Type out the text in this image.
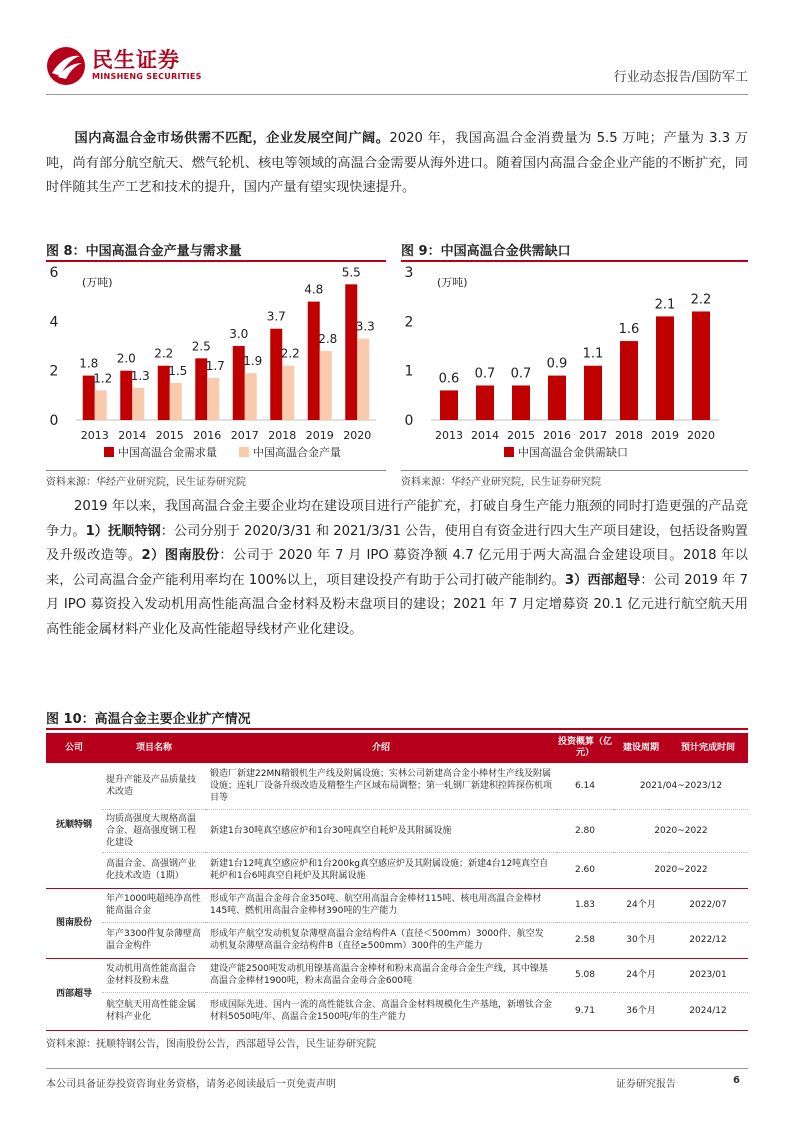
民生证券
MINSHENG SECURITIES	行业动态报告/国防军工
国内高温合金市场供需不匹配，企业发展空间广阔。2020 年，我国高温合金消费量为 5.5 万吨；产量为 3.3 万吨，尚有部分航空航天、燃气轮机、核电等领域的高温合金需要从海外进口。随着国内高温合金企业产能的不断扩充，同时伴随其生产工艺和技术的提升，国内产量有望实现快速提升。
图 8：中国高温合金产量与需求量
0
2
4
6
(万吨)
1.8 2.0 2.2
2.5
3.0
3.7
4.8
5.5
1.2 1.3 1.5 1.7 1.9
2.2
2.8
3.3
2013 2014 2015 2016 2017 2018 2019 2020
中国高温合金需求量	中国高温合金产量
资料来源：华经产业研究院，民生证券研究院
图 9：中国高温合金供需缺口
0
1
2
3
(万吨)
0.6 0.7 0.7
0.9
1.1
1.6
2.1 2.2
2013 2014 2015 2016 2017 2018 2019 2020
中国高温合金供需缺口
资料来源：华经产业研究院，民生证券研究院
2019 年以来，我国高温合金主要企业均在建设项目进行产能扩充，打破自身生产能力瓶颈的同时打造更强的产品竞争力。1）抚顺特钢：公司分别于 2020/3/31 和 2021/3/31 公告，使用自有资金进行四大生产项目建设，包括设备购置及升级改造等。2）图南股份：公司于 2020 年 7 月 IPO 募资净额 4.7 亿元用于两大高温合金建设项目。2018 年以来，公司高温合金产能利用率均在 100%以上，项目建设投产有助于公司打破产能制约。3）西部超导：公司 2019 年 7 月 IPO 募资投入发动机用高性能高温合金材料及粉末盘项目的建设；2021 年 7 月定增募资 20.1 亿元进行航空航天用高性能金属材料产业化及高性能超导线材产业化建设。
图 10：高温合金主要企业扩产情况
公司	项目名称	介绍	投资概算（亿元）	建设周期	预计完成时间
抚顺特钢	提升产能及产品质量技术改造	锻造厂新建22MN精锻机生产线及附属设施；实林公司新建高合金小棒材生产线及附属设施；连轧厂设备升级改造及精整生产区域布局调整；第一轧钢厂新建积控阵探伤机项目等	6.14	2021/04~2023/12	
	均质高强度大规格高温合金、超高强度钢工程化建设	新建1台30吨真空感应炉和1台30吨真空自耗炉及其附属设施	2.80	2020~2022	
	高温合金、高强钢产业化技术改造（1期）	新建1台12吨真空感应炉和1台200kg真空感应炉及其附属设施；新建4台12吨真空自耗炉和1台6吨真空自耗炉及其附属设施	2.60	2020~2022	
图南股份	年产1000吨超纯净高性能高温合金	形成年产高温合金母合金350吨、航空用高温合金棒材115吨、核电用高温合金棒材145吨、燃机用高温合金棒材390吨的生产能力	1.83	24个月	2022/07
	年产3300件复杂薄壁高温合金构件	形成年产航空发动机复杂薄壁高温合金结构件A（直径＜500mm）3000件、航空发动机复杂薄壁高温合金结构件B（直径≥500mm）300件的生产能力	2.58	30个月	2022/12
西部超导	发动机用高性能高温合金材料及粉末盘	建设产能2500吨发动机用镍基高温合金棒材和粉末高温合金母合金生产线，其中镍基高温合金棒材1900吨，粉末高温合金母合金600吨	5.08	24个月	2023/01
	航空航天用高性能金属材料产业化	形成国际先进、国内一流的高性能钛合金、高温合金材料规模化生产基地，新增钛合金材料5050吨/年、高温合金1500吨/年的生产能力	9.71	36个月	2024/12
资料来源：抚顺特钢公告，图南股份公告，西部超导公告，民生证券研究院
本公司具备证券投资咨询业务资格，请务必阅读最后一页免责声明	证券研究报告	6
